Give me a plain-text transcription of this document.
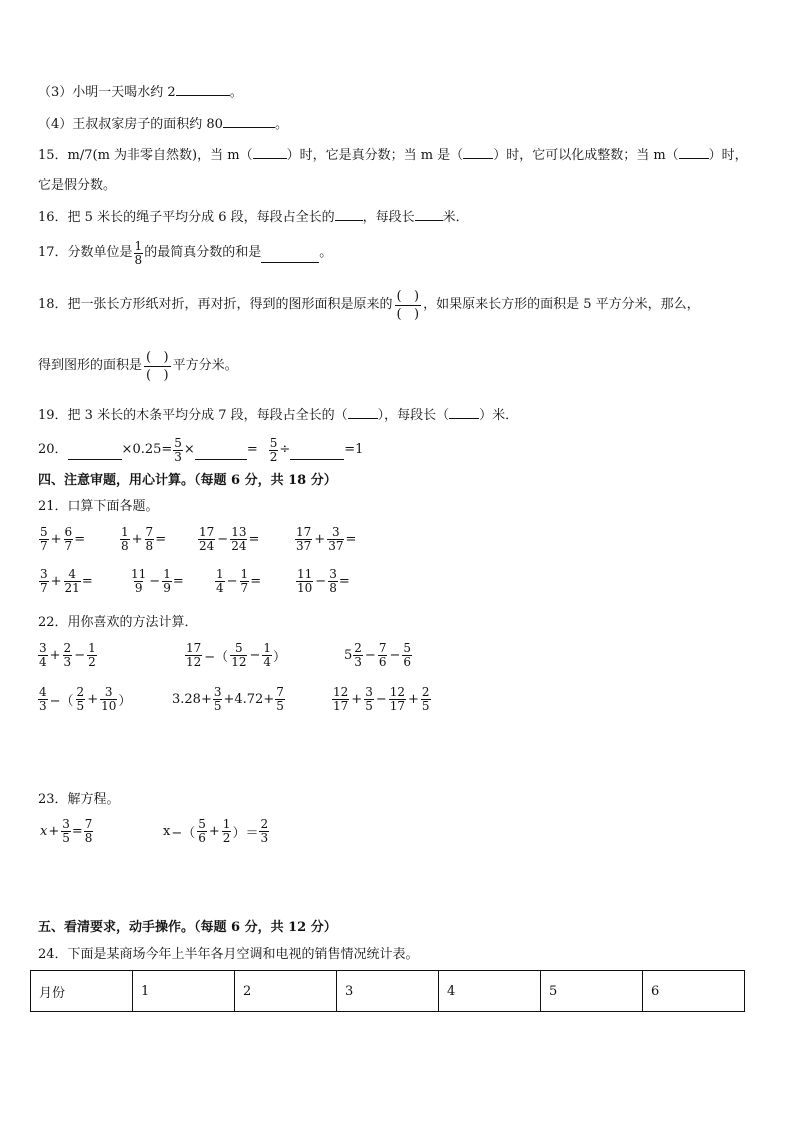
（3）小明一天喝水约 2	。
（4）王叔叔家房子的面积约 80	。
15．m/7(m 为非零自然数)，当 m（	）时，它是真分数；当 m 是（ ）时，它可以化成整数；当 m（ ）时，
它是假分数。
16．把 5 米长的绳子平均分成 6 段，每段占全长的 ，每段长 米．
17．分数单位是 $\frac{1}{8}$ 的最简真分数的和是	。
18．把一张长方形纸对折，再对折，得到的图形面积是原来的
(   )
(   )
，如果原来长方形的面积是 5 平方分米，那么，
得到图形的面积是
(   )
(   )
平方分米。
19．把 3 米长的木条平均分成 7 段，每段占全长的（ ），每段长（ ）米．
20．	$\times 0.25= \frac{5}{3}$ ×	= $\frac{5}{2}$ ÷	=1
四、注意审题，用心计算。（每题 6 分，共 18 分）
21．口算下面各题。
$\frac{5}{7} + \frac{6}{7}$ =	$\frac{1}{8} + \frac{7}{8}$ =	$\frac{17}{24} - \frac{13}{24}$ =	$\frac{17}{37} + \frac{3}{37}$ =
$\frac{3}{7} + \frac{4}{21}$ =	$\frac{11}{9} - \frac{1}{9}$ =	$\frac{1}{4} - \frac{1}{7}$ =	$\frac{11}{10} - \frac{3}{8}$ =
22．用你喜欢的方法计算．
$\frac{3}{4} + \frac{2}{3} - \frac{1}{2}$	$\frac{17}{12}$ −（ $\frac{5}{12} - \frac{1}{4}$ ）	$5 \frac{2}{3} - \frac{7}{6} - \frac{5}{6}$
$\frac{4}{3}$ −（ $\frac{2}{5} + \frac{3}{10}$ ）	$3.28+ \frac{3}{5} +4.72+ \frac{7}{5}$	$\frac{12}{17} + \frac{3}{5} - \frac{12}{17} + \frac{2}{5}$
23．解方程。
$x + \frac{3}{5} = \frac{7}{8}$	x −（ $\frac{5}{6} + \frac{1}{2}$ ）＝ $\frac{2}{3}$
五、看清要求，动手操作。（每题 6 分，共 12 分）
24．下面是某商场今年上半年各月空调和电视的销售情况统计表。
月份	1	2	3	4	5	6
